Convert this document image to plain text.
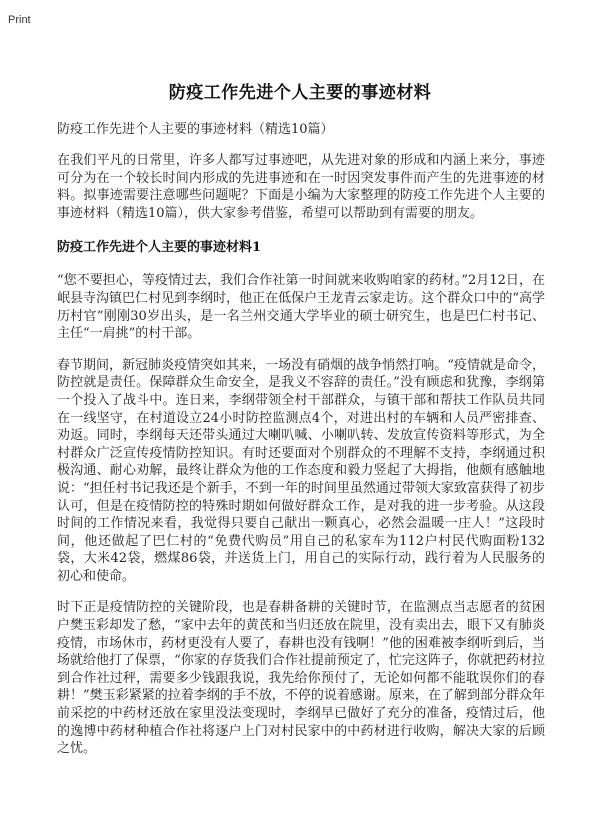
Print
防疫工作先进个人主要的事迹材料
防疫工作先进个人主要的事迹材料（精选10篇）

在我们平凡的日常里，许多人都写过事迹吧，从先进对象的形成和内涵上来分，事迹可分为在一个较长时间内形成的先进事迹和在一时因突发事件而产生的先进事迹的材料。拟事迹需要注意哪些问题呢？下面是小编为大家整理的防疫工作先进个人主要的事迹材料（精选10篇），供大家参考借鉴，希望可以帮助到有需要的朋友。

防疫工作先进个人主要的事迹材料1

“您不要担心，等疫情过去，我们合作社第一时间就来收购咱家的药材。”2月12日，在岷县寺沟镇巴仁村见到李纲时，他正在低保户王龙青云家走访。这个群众口中的“高学历村官”刚刚30岁出头，是一名兰州交通大学毕业的硕士研究生，也是巴仁村书记、主任“一肩挑”的村干部。

春节期间，新冠肺炎疫情突如其来，一场没有硝烟的战争悄然打响。“疫情就是命令，防控就是责任。保障群众生命安全，是我义不容辞的责任。”没有顾虑和犹豫，李纲第一个投入了战斗中。连日来，李纲带领全村干部群众，与镇干部和帮扶工作队员共同在一线坚守，在村道设立24小时防控监测点4个，对进出村的车辆和人员严密排查、劝返。同时，李纲每天还带头通过大喇叭喊、小喇叭转、发放宣传资料等形式，为全村群众广泛宣传疫情防控知识。有时还要面对个别群众的不理解不支持，李纲通过积极沟通、耐心劝解，最终让群众为他的工作态度和毅力竖起了大拇指，他颇有感触地说：“担任村书记我还是个新手，不到一年的时间里虽然通过带领大家致富获得了初步认可，但是在疫情防控的特殊时期如何做好群众工作，是对我的进一步考验。从这段时间的工作情况来看，我觉得只要自己献出一颗真心，必然会温暖一庄人！”这段时间，他还做起了巴仁村的“免费代购员”用自己的私家车为112户村民代购面粉132袋，大米42袋，燃煤86袋，并送货上门，用自己的实际行动，践行着为人民服务的初心和使命。

时下正是疫情防控的关键阶段，也是春耕备耕的关键时节，在监测点当志愿者的贫困户樊玉彩却发了愁，“家中去年的黄芪和当归还放在院里，没有卖出去，眼下又有肺炎疫情，市场休市，药材更没有人要了，春耕也没有钱啊！”他的困难被李纲听到后，当场就给他打了保票，“你家的存货我们合作社提前预定了，忙完这阵子，你就把药材拉到合作社过秤，需要多少钱跟我说，我先给你预付了，无论如何都不能耽误你们的春耕！”樊玉彩紧紧的拉着李纲的手不放，不停的说着感谢。原来，在了解到部分群众年前采挖的中药材还放在家里没法变现时，李纲早已做好了充分的准备，疫情过后，他的逸博中药材种植合作社将逐户上门对村民家中的中药材进行收购，解决大家的后顾之忧。
